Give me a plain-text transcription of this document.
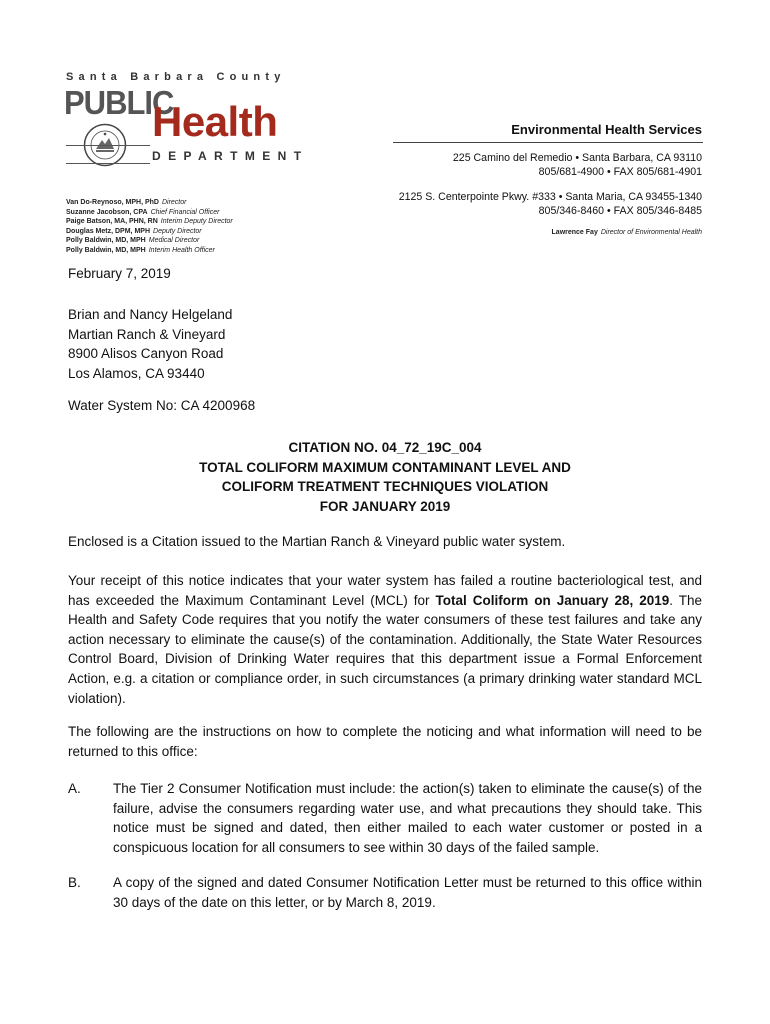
Santa Barbara County
PUBLIC
Health
DEPARTMENT
Van Do-Reynoso, MPH, PhD Director
Suzanne Jacobson, CPA Chief Financial Officer
Paige Batson, MA, PHN, RN Interim Deputy Director
Douglas Metz, DPM, MPH Deputy Director
Polly Baldwin, MD, MPH Medical Director
Polly Baldwin, MD, MPH Interim Health Officer
Environmental Health Services
225 Camino del Remedio • Santa Barbara, CA 93110
805/681-4900 • FAX 805/681-4901
2125 S. Centerpointe Pkwy. #333 • Santa Maria, CA 93455-1340
805/346-8460 • FAX 805/346-8485
Lawrence Fay Director of Environmental Health
February 7, 2019
Brian and Nancy Helgeland
Martian Ranch & Vineyard
8900 Alisos Canyon Road
Los Alamos, CA 93440
Water System No: CA 4200968
CITATION NO. 04_72_19C_004
TOTAL COLIFORM MAXIMUM CONTAMINANT LEVEL AND
COLIFORM TREATMENT TECHNIQUES VIOLATION
FOR JANUARY 2019
Enclosed is a Citation issued to the Martian Ranch & Vineyard public water system.
Your receipt of this notice indicates that your water system has failed a routine bacteriological test, and has exceeded the Maximum Contaminant Level (MCL) for Total Coliform on January 28, 2019. The Health and Safety Code requires that you notify the water consumers of these test failures and take any action necessary to eliminate the cause(s) of the contamination. Additionally, the State Water Resources Control Board, Division of Drinking Water requires that this department issue a Formal Enforcement Action, e.g. a citation or compliance order, in such circumstances (a primary drinking water standard MCL violation).
The following are the instructions on how to complete the noticing and what information will need to be returned to this office:
A. The Tier 2 Consumer Notification must include: the action(s) taken to eliminate the cause(s) of the failure, advise the consumers regarding water use, and what precautions they should take. This notice must be signed and dated, then either mailed to each water customer or posted in a conspicuous location for all consumers to see within 30 days of the failed sample.
B. A copy of the signed and dated Consumer Notification Letter must be returned to this office within 30 days of the date on this letter, or by March 8, 2019.
